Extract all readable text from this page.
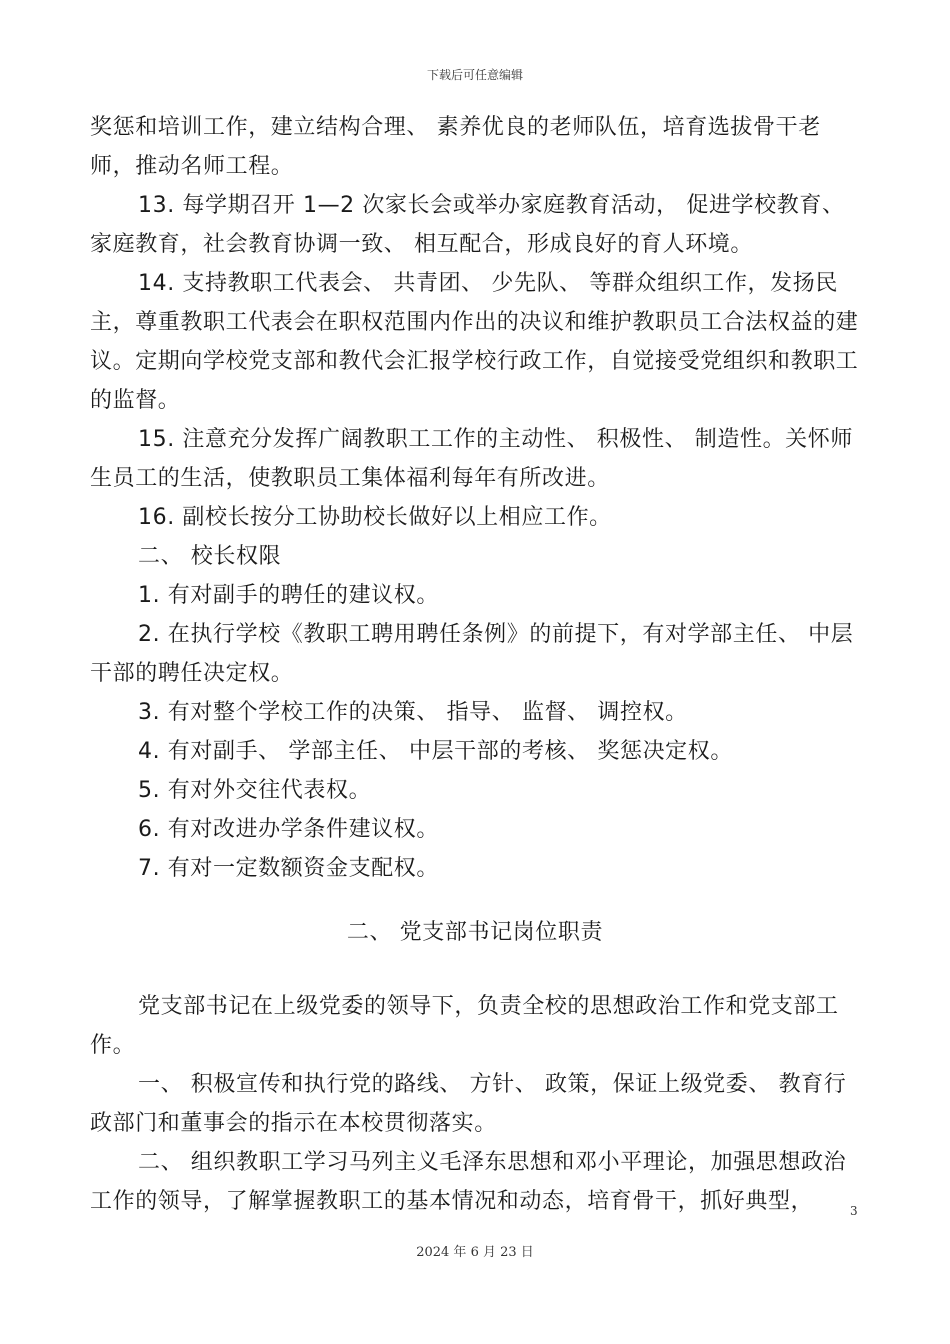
下载后可任意编辑

奖惩和培训工作，建立结构合理、 素养优良的老师队伍，培育选拔骨干老师，推动名师工程。

13. 每学期召开 1—2 次家长会或举办家庭教育活动， 促进学校教育、 家庭教育，社会教育协调一致、 相互配合，形成良好的育人环境。

14. 支持教职工代表会、 共青团、 少先队、 等群众组织工作，发扬民主，尊重教职工代表会在职权范围内作出的决议和维护教职员工合法权益的建议。定期向学校党支部和教代会汇报学校行政工作，自觉接受党组织和教职工的监督。

15. 注意充分发挥广阔教职工工作的主动性、 积极性、 制造性。关怀师生员工的生活，使教职员工集体福利每年有所改进。

16. 副校长按分工协助校长做好以上相应工作。

二、 校长权限

1. 有对副手的聘任的建议权。

2. 在执行学校《教职工聘用聘任条例》的前提下，有对学部主任、 中层干部的聘任决定权。

3. 有对整个学校工作的决策、 指导、 监督、 调控权。

4. 有对副手、 学部主任、 中层干部的考核、 奖惩决定权。

5. 有对外交往代表权。

6. 有对改进办学条件建议权。

7. 有对一定数额资金支配权。

二、 党支部书记岗位职责

党支部书记在上级党委的领导下，负责全校的思想政治工作和党支部工作。

一、 积极宣传和执行党的路线、 方针、 政策，保证上级党委、 教育行政部门和董事会的指示在本校贯彻落实。

二、 组织教职工学习马列主义毛泽东思想和邓小平理论，加强思想政治工作的领导，了解掌握教职工的基本情况和动态，培育骨干，抓好典型，	3
2024 年 6 月 23 日
